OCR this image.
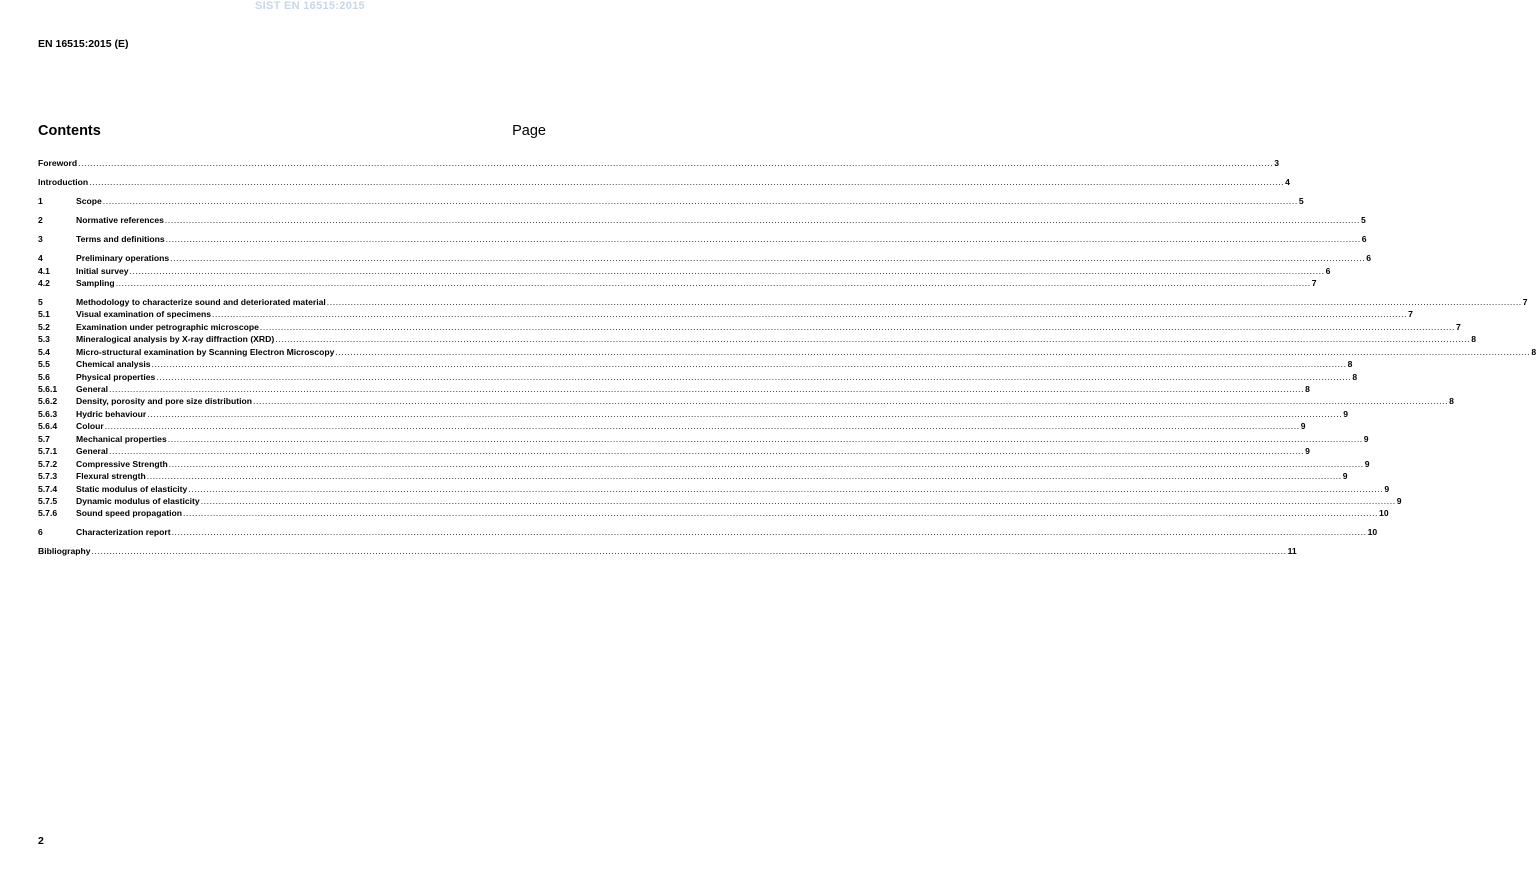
SIST EN 16515:2015
EN 16515:2015 (E)
Contents	Page
Foreword ................................................................................................................................................................................................................................................................................................................................................................................................................ 3
Introduction ................................................................................................................................................................................................................................................................................................................................................................................................................ 4
1	Scope ................................................................................................................................................................................................................................................................................................................................................................................................................ 5
2	Normative references ................................................................................................................................................................................................................................................................................................................................................................................................................ 5
3	Terms and definitions ................................................................................................................................................................................................................................................................................................................................................................................................................ 6
4	Preliminary operations ................................................................................................................................................................................................................................................................................................................................................................................................................ 6
4.1	Initial survey ................................................................................................................................................................................................................................................................................................................................................................................................................ 6
4.2	Sampling ................................................................................................................................................................................................................................................................................................................................................................................................................ 7
5	Methodology to characterize sound and deteriorated material ................................................................................................................................................................................................................................................................................................................................................................................................................ 7
5.1	Visual examination of specimens ................................................................................................................................................................................................................................................................................................................................................................................................................ 7
5.2	Examination under petrographic microscope ................................................................................................................................................................................................................................................................................................................................................................................................................ 7
5.3	Mineralogical analysis by X-ray diffraction (XRD) ................................................................................................................................................................................................................................................................................................................................................................................................................ 8
5.4	Micro-structural examination by Scanning Electron Microscopy ................................................................................................................................................................................................................................................................................................................................................................................................................ 8
5.5	Chemical analysis ................................................................................................................................................................................................................................................................................................................................................................................................................ 8
5.6	Physical properties ................................................................................................................................................................................................................................................................................................................................................................................................................ 8
5.6.1	General ................................................................................................................................................................................................................................................................................................................................................................................................................ 8
5.6.2	Density, porosity and pore size distribution ................................................................................................................................................................................................................................................................................................................................................................................................................ 8
5.6.3	Hydric behaviour ................................................................................................................................................................................................................................................................................................................................................................................................................ 9
5.6.4	Colour ................................................................................................................................................................................................................................................................................................................................................................................................................ 9
5.7	Mechanical properties ................................................................................................................................................................................................................................................................................................................................................................................................................ 9
5.7.1	General ................................................................................................................................................................................................................................................................................................................................................................................................................ 9
5.7.2	Compressive Strength ................................................................................................................................................................................................................................................................................................................................................................................................................ 9
5.7.3	Flexural strength ................................................................................................................................................................................................................................................................................................................................................................................................................ 9
5.7.4	Static modulus of elasticity ................................................................................................................................................................................................................................................................................................................................................................................................................ 9
5.7.5	Dynamic modulus of elasticity ................................................................................................................................................................................................................................................................................................................................................................................................................ 9
5.7.6	Sound speed propagation ................................................................................................................................................................................................................................................................................................................................................................................................................ 10
6	Characterization report ................................................................................................................................................................................................................................................................................................................................................................................................................ 10
Bibliography ................................................................................................................................................................................................................................................................................................................................................................................................................ 11
2
